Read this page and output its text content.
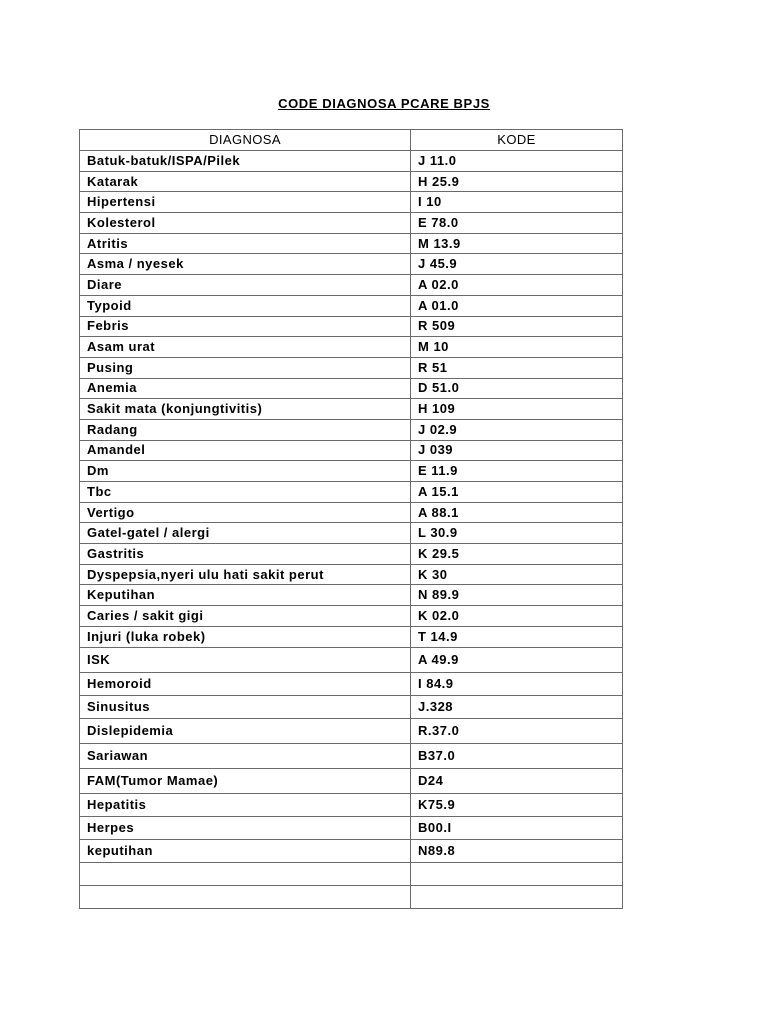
CODE DIAGNOSA PCARE BPJS
DIAGNOSA	KODE
Batuk-batuk/ISPA/Pilek	J 11.0
Katarak	H 25.9
Hipertensi	I 10
Kolesterol	E 78.0
Atritis	M 13.9
Asma / nyesek	J 45.9
Diare	A 02.0
Typoid	A 01.0
Febris	R 509
Asam urat	M 10
Pusing	R 51
Anemia	D 51.0
Sakit mata (konjungtivitis)	H 109
Radang	J 02.9
Amandel	J 039
Dm	E 11.9
Tbc	A 15.1
Vertigo	A 88.1
Gatel-gatel / alergi	L 30.9
Gastritis	K 29.5
Dyspepsia,nyeri ulu hati sakit perut	K 30
Keputihan	N 89.9
Caries / sakit gigi	K 02.0
Injuri (luka robek)	T 14.9
ISK	A 49.9
Hemoroid	I 84.9
Sinusitus	J.328
Dislepidemia	R.37.0
Sariawan	B37.0
FAM(Tumor Mamae)	D24
Hepatitis	K75.9
Herpes	B00.I
keputihan	N89.8
